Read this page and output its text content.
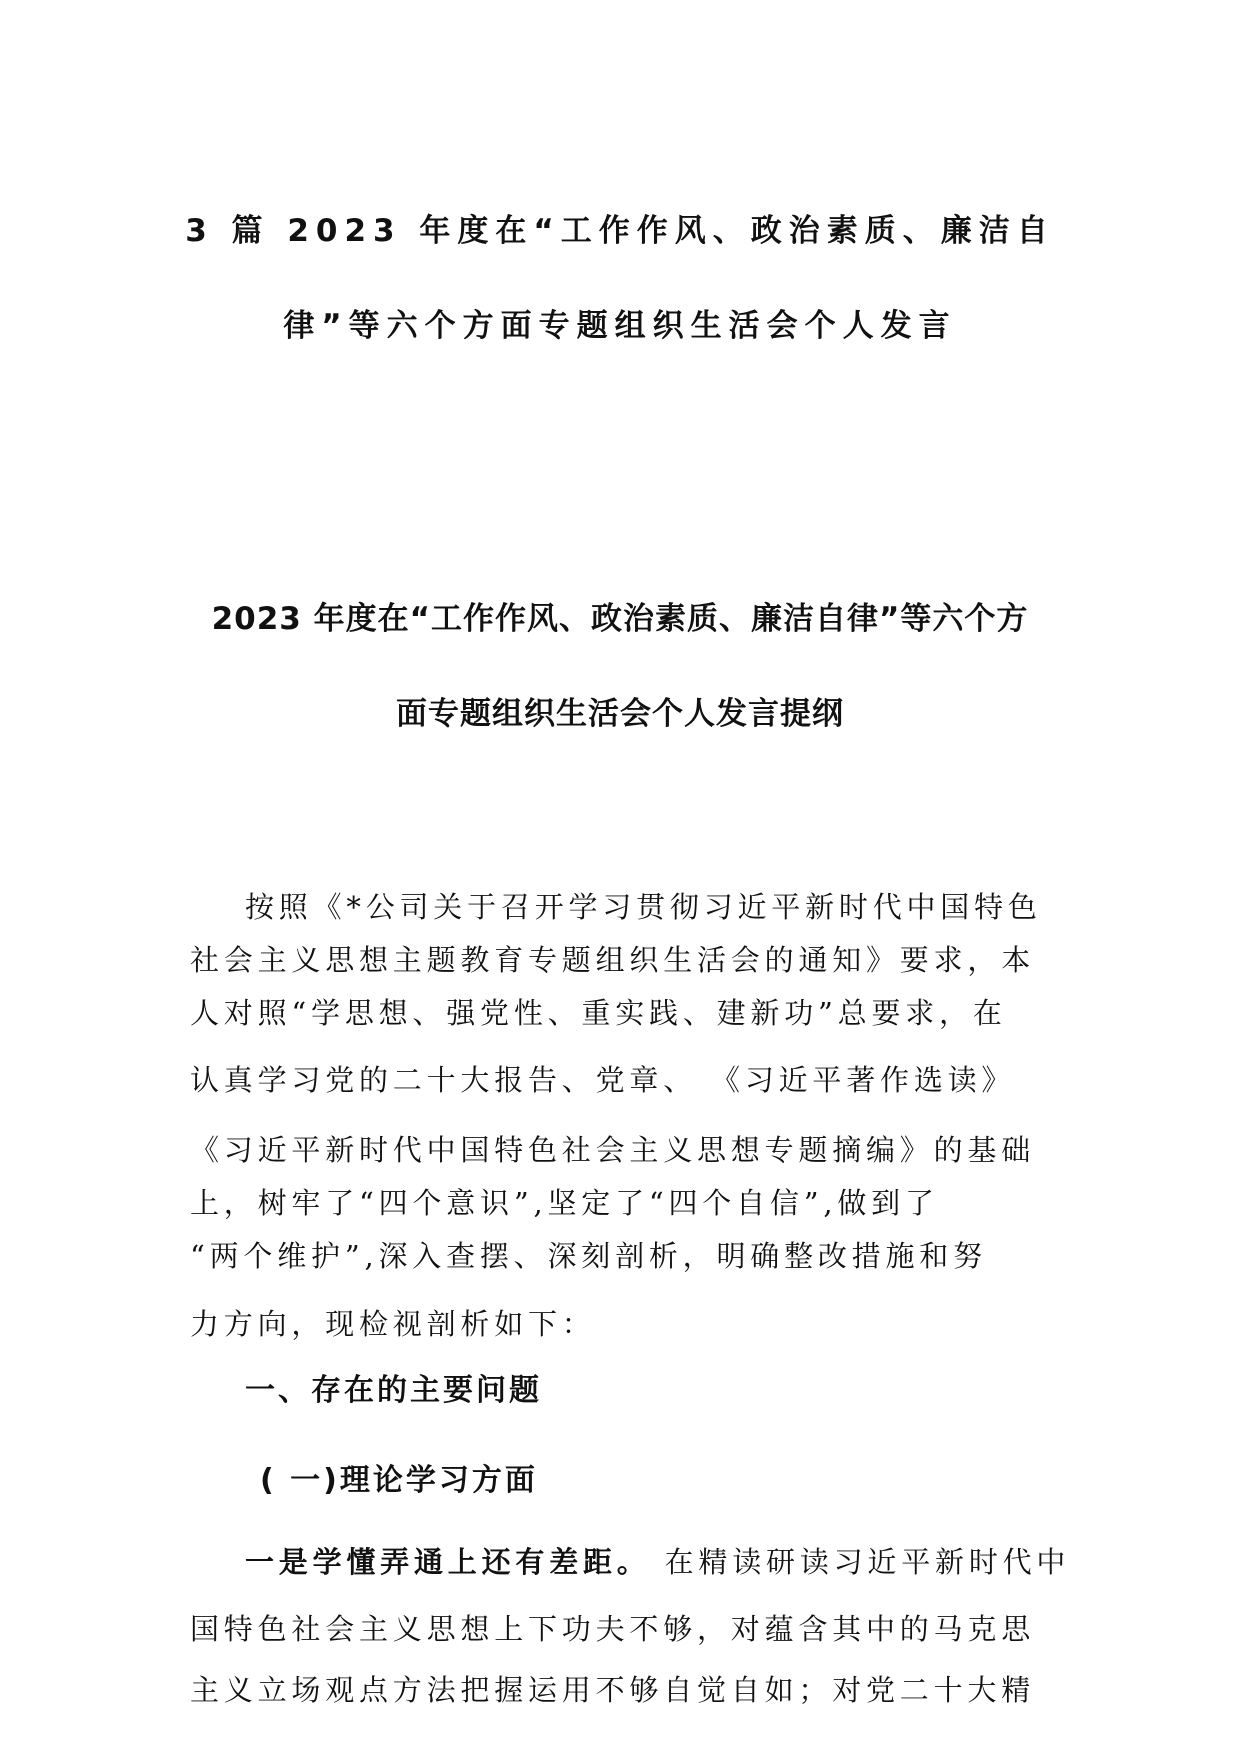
3 篇 2023 年度在“工作作风、政治素质、廉洁自
律”等六个方面专题组织生活会个人发言
2023 年度在“工作作风、政治素质、廉洁自律”等六个方
面专题组织生活会个人发言提纲
按照《*公司关于召开学习贯彻习近平新时代中国特色
社会主义思想主题教育专题组织生活会的通知》要求，本
人对照“学思想、强党性、重实践、建新功”总要求，在
认真学习党的二十大报告、党章、 《习近平著作选读》
《习近平新时代中国特色社会主义思想专题摘编》的基础
上，树牢了“四个意识”,坚定了“四个自信”,做到了
“两个维护”,深入查摆、深刻剖析，明确整改措施和努
力方向，现检视剖析如下：
一、存在的主要问题
( 一)理论学习方面
一是学懂弄通上还有差距。 在精读研读习近平新时代中
国特色社会主义思想上下功夫不够，对蕴含其中的马克思
主义立场观点方法把握运用不够自觉自如；对党二十大精
